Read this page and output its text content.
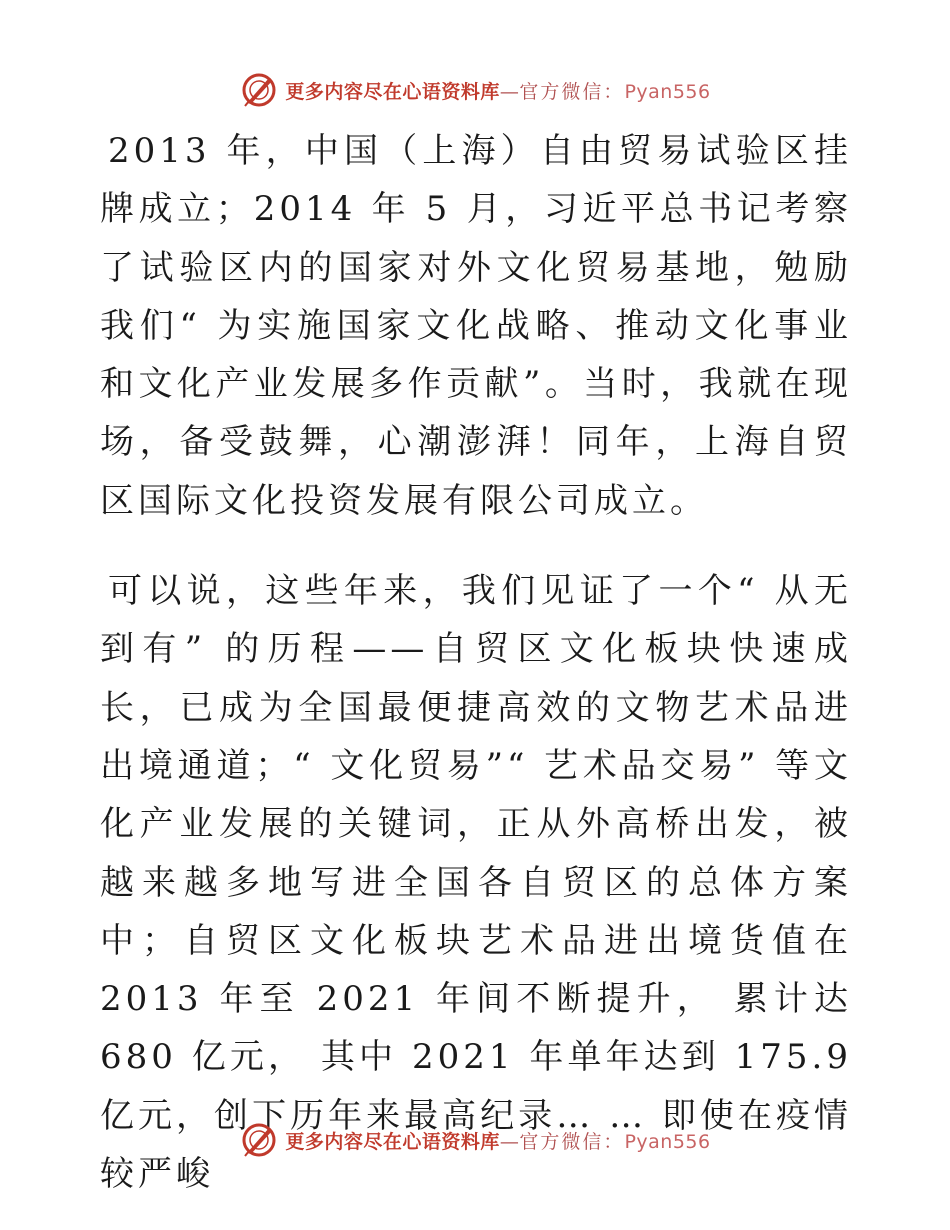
更多内容尽在心语资料库—官方微信：Pyan556

2013 年，中国（上海）自由贸易试验区挂牌成立；2014 年 5 月，习近平总书记考察了试验区内的国家对外文化贸易基地，勉励我们“ 为实施国家文化战略、推动文化事业和文化产业发展多作贡献”。当时，我就在现场，备受鼓舞，心潮澎湃！同年，上海自贸区国际文化投资发展有限公司成立。

可以说，这些年来，我们见证了一个“ 从无到有” 的历程——自贸区文化板块快速成长，已成为全国最便捷高效的文物艺术品进出境通道；“ 文化贸易”“ 艺术品交易” 等文化产业发展的关键词，正从外高桥出发，被越来越多地写进全国各自贸区的总体方案中；自贸区文化板块艺术品进出境货值在 2013 年至 2021 年间不断提升， 累计达 680 亿元， 其中 2021 年单年达到 175.9 亿元，创下历年来最高纪录… … 即使在疫情较严峻

更多内容尽在心语资料库—官方微信：Pyan556
